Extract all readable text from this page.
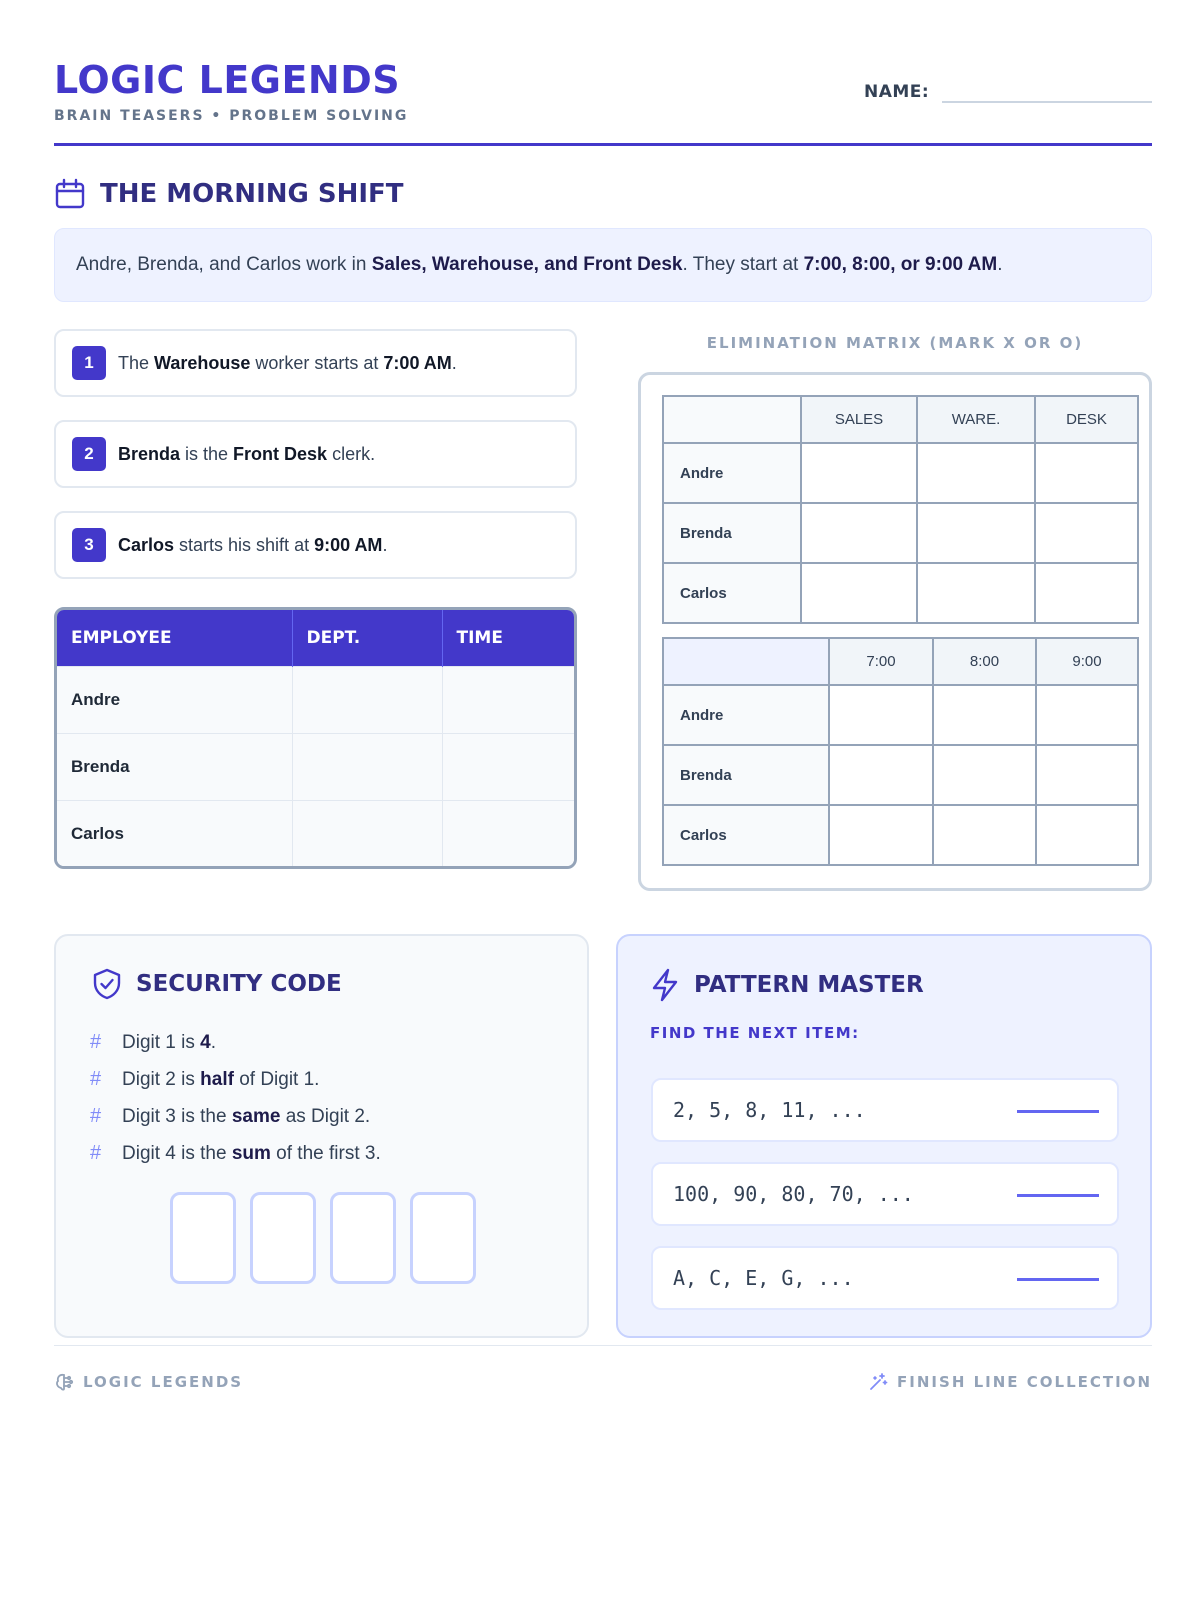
LOGIC LEGENDS
BRAIN TEASERS • PROBLEM SOLVING
NAME:
THE MORNING SHIFT
Andre, Brenda, and Carlos work in Sales, Warehouse, and Front Desk. They start at 7:00, 8:00, or 9:00 AM.
1	The Warehouse worker starts at 7:00 AM.
2	Brenda is the Front Desk clerk.
3	Carlos starts his shift at 9:00 AM.
EMPLOYEE	DEPT.	TIME
Andre		
Brenda		
Carlos		
ELIMINATION MATRIX (MARK X OR O)
	SALES	WARE.	DESK
Andre			
Brenda			
Carlos			
	7:00	8:00	9:00
Andre			
Brenda			
Carlos			
SECURITY CODE
#	Digit 1 is 4.
#	Digit 2 is half of Digit 1.
#	Digit 3 is the same as Digit 2.
#	Digit 4 is the sum of the first 3.
PATTERN MASTER
FIND THE NEXT ITEM:
2, 5, 8, 11, ...
100, 90, 80, 70, ...
A, C, E, G, ...
LOGIC LEGENDS	FINISH LINE COLLECTION
